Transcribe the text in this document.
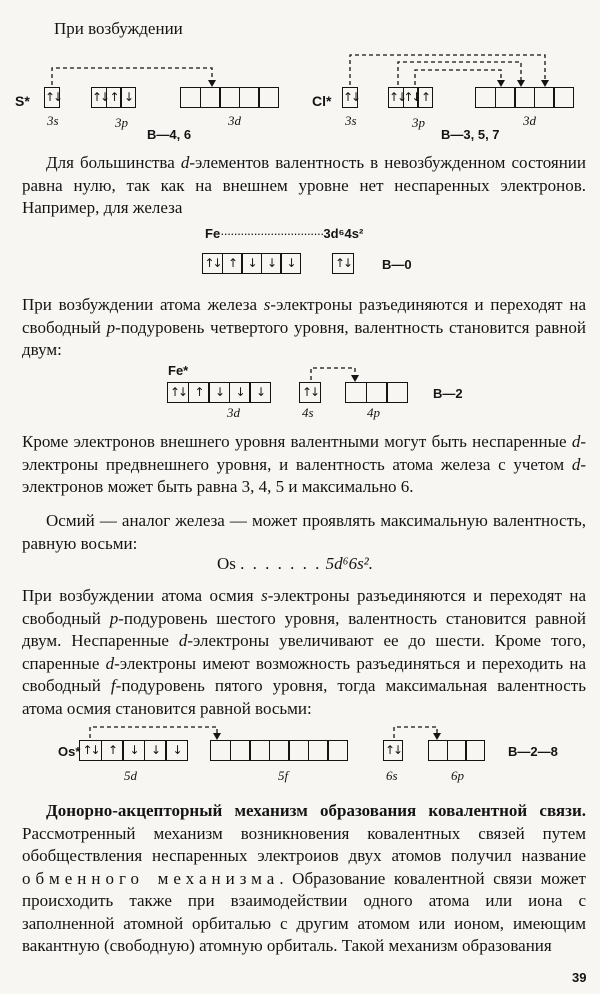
При возбуждении
S* ↑↓	↑↓ ↑ ↓
3s	3p	3d
В—4, 6
Cl* ↑↓ ↑↓
↑↓ ↑
3s	3p	3d
В—3, 5, 7
Для большинства d-элементов валентность в невозбужденном состоянии равна нулю, так как на внешнем уровне нет неспаренных электронов. Например, для железа
Fe·······························3d⁶4s²
↑↓ ↑ ↓ ↓ ↓	↑↓ В—0
При возбуждении атома железа s-электроны разъединяются и переходят на свободный p-подуровень четвертого уровня, валентность становится равной двум:
Fe*
↑↓ ↑	↓	↓	↓	↑↓
3d	4s	4p
В—2
Кроме электронов внешнего уровня валентными могут быть неспаренные d-электроны предвнешнего уровня, и валентность атома железа с учетом d-электронов может быть равна 3, 4, 5 и максимально 6.
Осмий — аналог железа — может проявлять максимальную валентность, равную восьми:
Os . . . . . . . 5d⁶6s².
При возбуждении атома осмия s-электроны разъединяются и переходят на свободный p-подуровень шестого уровня, валентность становится равной двум. Неспаренные d-электроны увеличивают ее до шести. Кроме того, спаренные d-электроны имеют возможность разъединяться и переходить на свободный f-подуровень пятого уровня, тогда максимальная валентность атома осмия становится равной восьми:
Os* ↑↓ ↑	↓	↓	↓	↑↓
5d	5f	6s	6p
В—2—8
Донорно-акцепторный механизм образования ковалентной связи. Рассмотренный механизм возникновения ковалентных связей путем обобществления неспаренных электроиов двух атомов получил название обменного механизма. Образование ковалентной связи может происходить также при взаимодействии одного атома или иона с заполненной атомной орбиталью с другим атомом или ионом, имеющим вакантную (свободную) атомную орбиталь. Такой механизм образования
39
